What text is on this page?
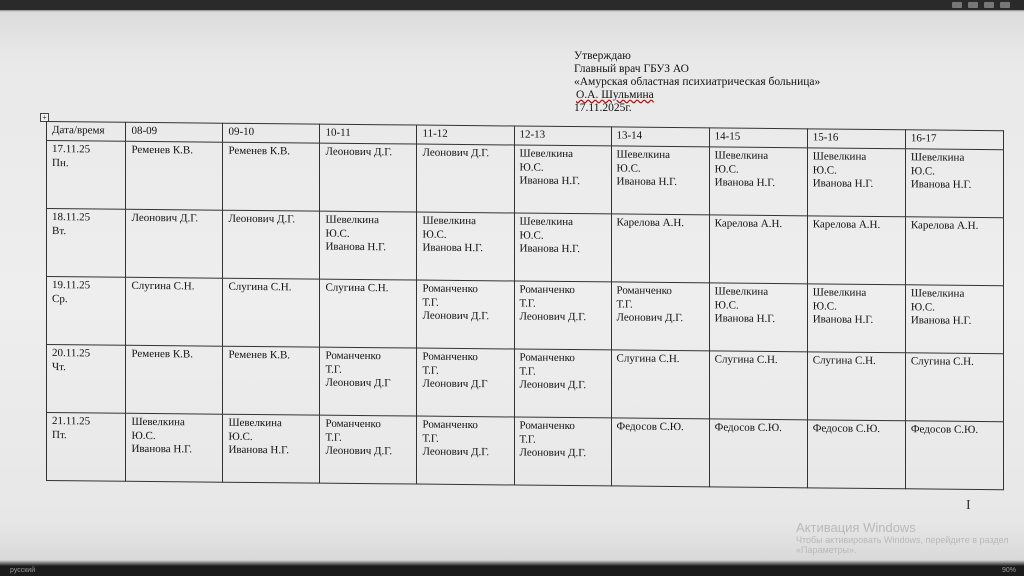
Утверждаю
Главный врач ГБУЗ АО
«Амурская областная психиатрическая больница»
О.А. Шульмина
17.11.2025г.
+
Дата/время	08-09	09-10	10-11	11-12	12-13	13-14	14-15	15-16	16-17

17.11.25
Пн.	Ременев К.В.	Ременев К.В.	Леонович Д.Г.	Леонович Д.Г.	Шевелкина
Ю.С.
Иванова Н.Г.	Шевелкина
Ю.С.
Иванова Н.Г.	Шевелкина
Ю.С.
Иванова Н.Г.	Шевелкина
Ю.С.
Иванова Н.Г.	Шевелкина
Ю.С.
Иванова Н.Г.

18.11.25
Вт.	Леонович Д.Г.	Леонович Д.Г.	Шевелкина
Ю.С.
Иванова Н.Г.	Шевелкина
Ю.С.
Иванова Н.Г.	Шевелкина
Ю.С.
Иванова Н.Г.	Карелова А.Н.	Карелова А.Н.	Карелова А.Н.	Карелова А.Н.

19.11.25
Ср.	Слугина С.Н.	Слугина С.Н.	Слугина С.Н.	Романченко
Т.Г.
Леонович Д.Г.	Романченко
Т.Г.
Леонович Д.Г.	Романченко
Т.Г.
Леонович Д.Г.	Шевелкина
Ю.С.
Иванова Н.Г.	Шевелкина
Ю.С.
Иванова Н.Г.	Шевелкина
Ю.С.
Иванова Н.Г.

20.11.25
Чт.	Ременев К.В.	Ременев К.В.	Романченко
Т.Г.
Леонович Д.Г	Романченко
Т.Г.
Леонович Д.Г	Романченко
Т.Г.
Леонович Д.Г.	Слугина С.Н.	Слугина С.Н.	Слугина С.Н.	Слугина С.Н.

21.11.25
Пт.	Шевелкина
Ю.С.
Иванова Н.Г.	Шевелкина
Ю.С.
Иванова Н.Г.	Романченко
Т.Г.
Леонович Д.Г.	Романченко
Т.Г.
Леонович Д.Г.	Романченко
Т.Г.
Леонович Д.Г.	Федосов С.Ю.	Федосов С.Ю.	Федосов С.Ю.	Федосов С.Ю.
I
Активация Windows
Чтобы активировать Windows, перейдите в раздел «Параметры».
русский	90%
